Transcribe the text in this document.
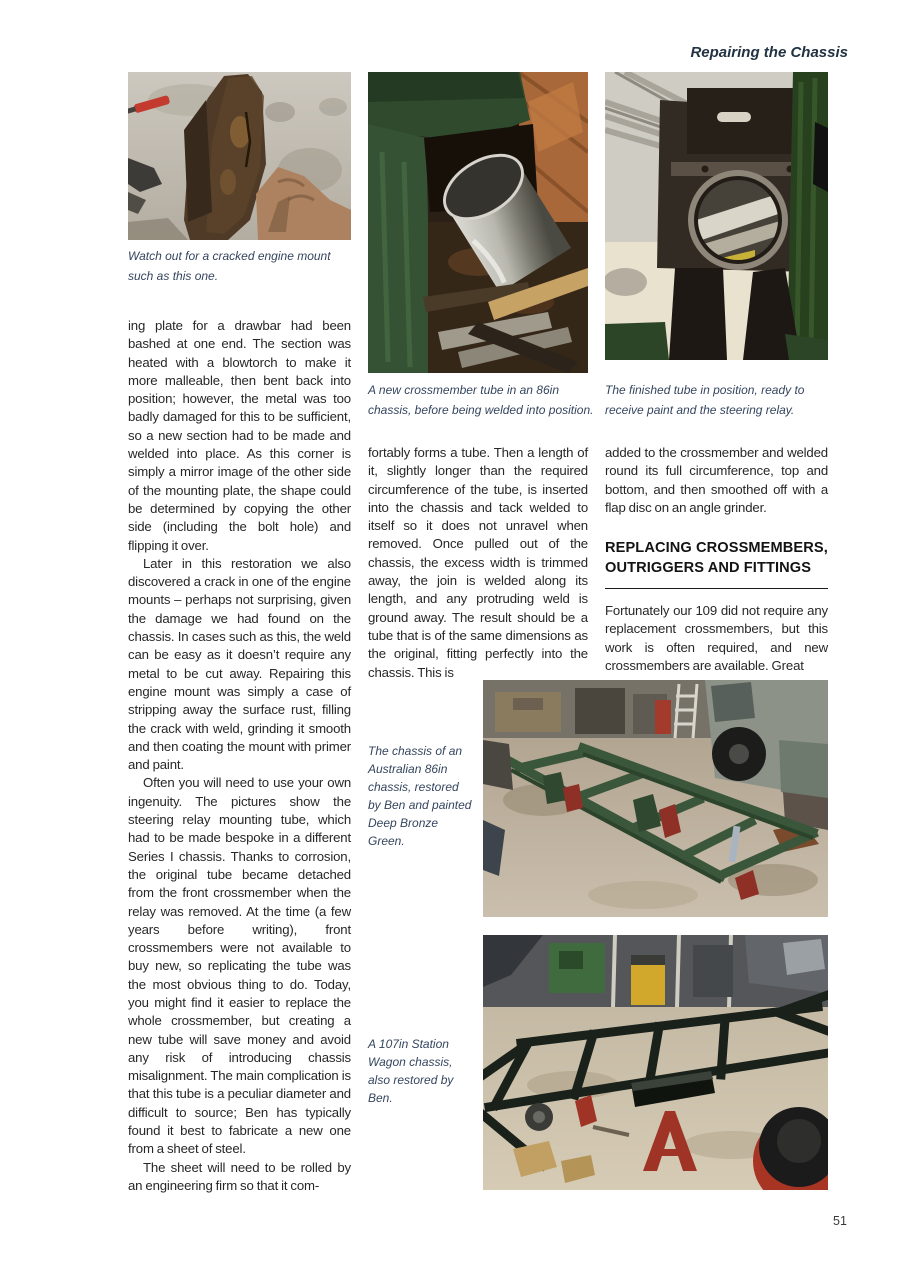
Repairing the Chassis
Watch out for a cracked engine mount such as this one.
A new crossmember tube in an 86in chassis, before being welded into position.
The finished tube in position, ready to receive paint and the steering relay.

ing plate for a drawbar had been bashed at one end. The section was heated with a blowtorch to make it more malleable, then bent back into position; however, the metal was too badly damaged for this to be sufficient, so a new section had to be made and welded into place. As this corner is simply a mirror image of the other side of the mounting plate, the shape could be determined by copying the other side (including the bolt hole) and flipping it over.

Later in this restoration we also discovered a crack in one of the engine mounts – perhaps not surprising, given the damage we had found on the chassis. In cases such as this, the weld can be easy as it doesn’t require any metal to be cut away. Repairing this engine mount was simply a case of stripping away the surface rust, filling the crack with weld, grinding it smooth and then coating the mount with primer and paint.

Often you will need to use your own ingenuity. The pictures show the steering relay mounting tube, which had to be made bespoke in a different Series I chassis. Thanks to corrosion, the original tube became detached from the front crossmember when the relay was removed. At the time (a few years before writing), front crossmembers were not available to buy new, so replicating the tube was the most obvious thing to do. Today, you might find it easier to replace the whole crossmember, but creating a new tube will save money and avoid any risk of introducing chassis misalignment. The main complication is that this tube is a peculiar diameter and difficult to source; Ben has typically found it best to fabricate a new one from a sheet of steel.

The sheet will need to be rolled by an engineering firm so that it com-

fortably forms a tube. Then a length of it, slightly longer than the required circumference of the tube, is inserted into the chassis and tack welded to itself so it does not unravel when removed. Once pulled out of the chassis, the excess width is trimmed away, the join is welded along its length, and any protruding weld is ground away. The result should be a tube that is of the same dimensions as the original, fitting perfectly into the chassis. This is

added to the crossmember and welded round its full circumference, top and bottom, and then smoothed off with a flap disc on an angle grinder.

REPLACING CROSSMEMBERS, OUTRIGGERS AND FITTINGS

Fortunately our 109 did not require any replacement crossmembers, but this work is often required, and new crossmembers are available. Great

The chassis of an Australian 86in chassis, restored by Ben and painted Deep Bronze Green.
A 107in Station Wagon chassis, also restored by Ben.
51
